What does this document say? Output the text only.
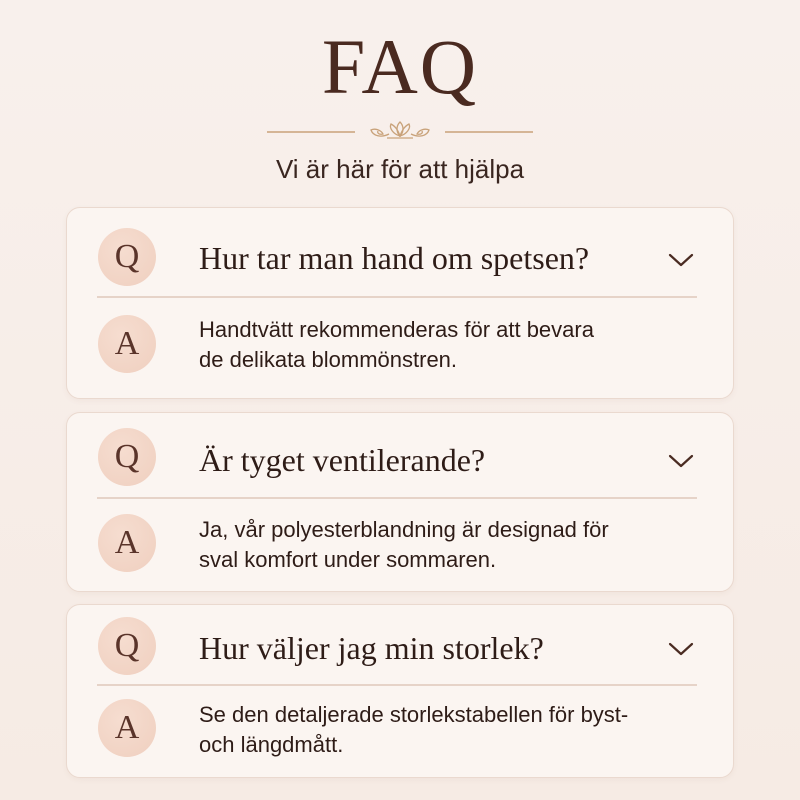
FAQ
Vi är här för att hjälpa
Q	Hur tar man hand om spetsen?
A	Handtvätt rekommenderas för att bevara
de delikata blommönstren.
Q	Är tyget ventilerande?
A	Ja, vår polyesterblandning är designad för
sval komfort under sommaren.
Q	Hur väljer jag min storlek?
A	Se den detaljerade storlekstabellen för byst-
och längdmått.
